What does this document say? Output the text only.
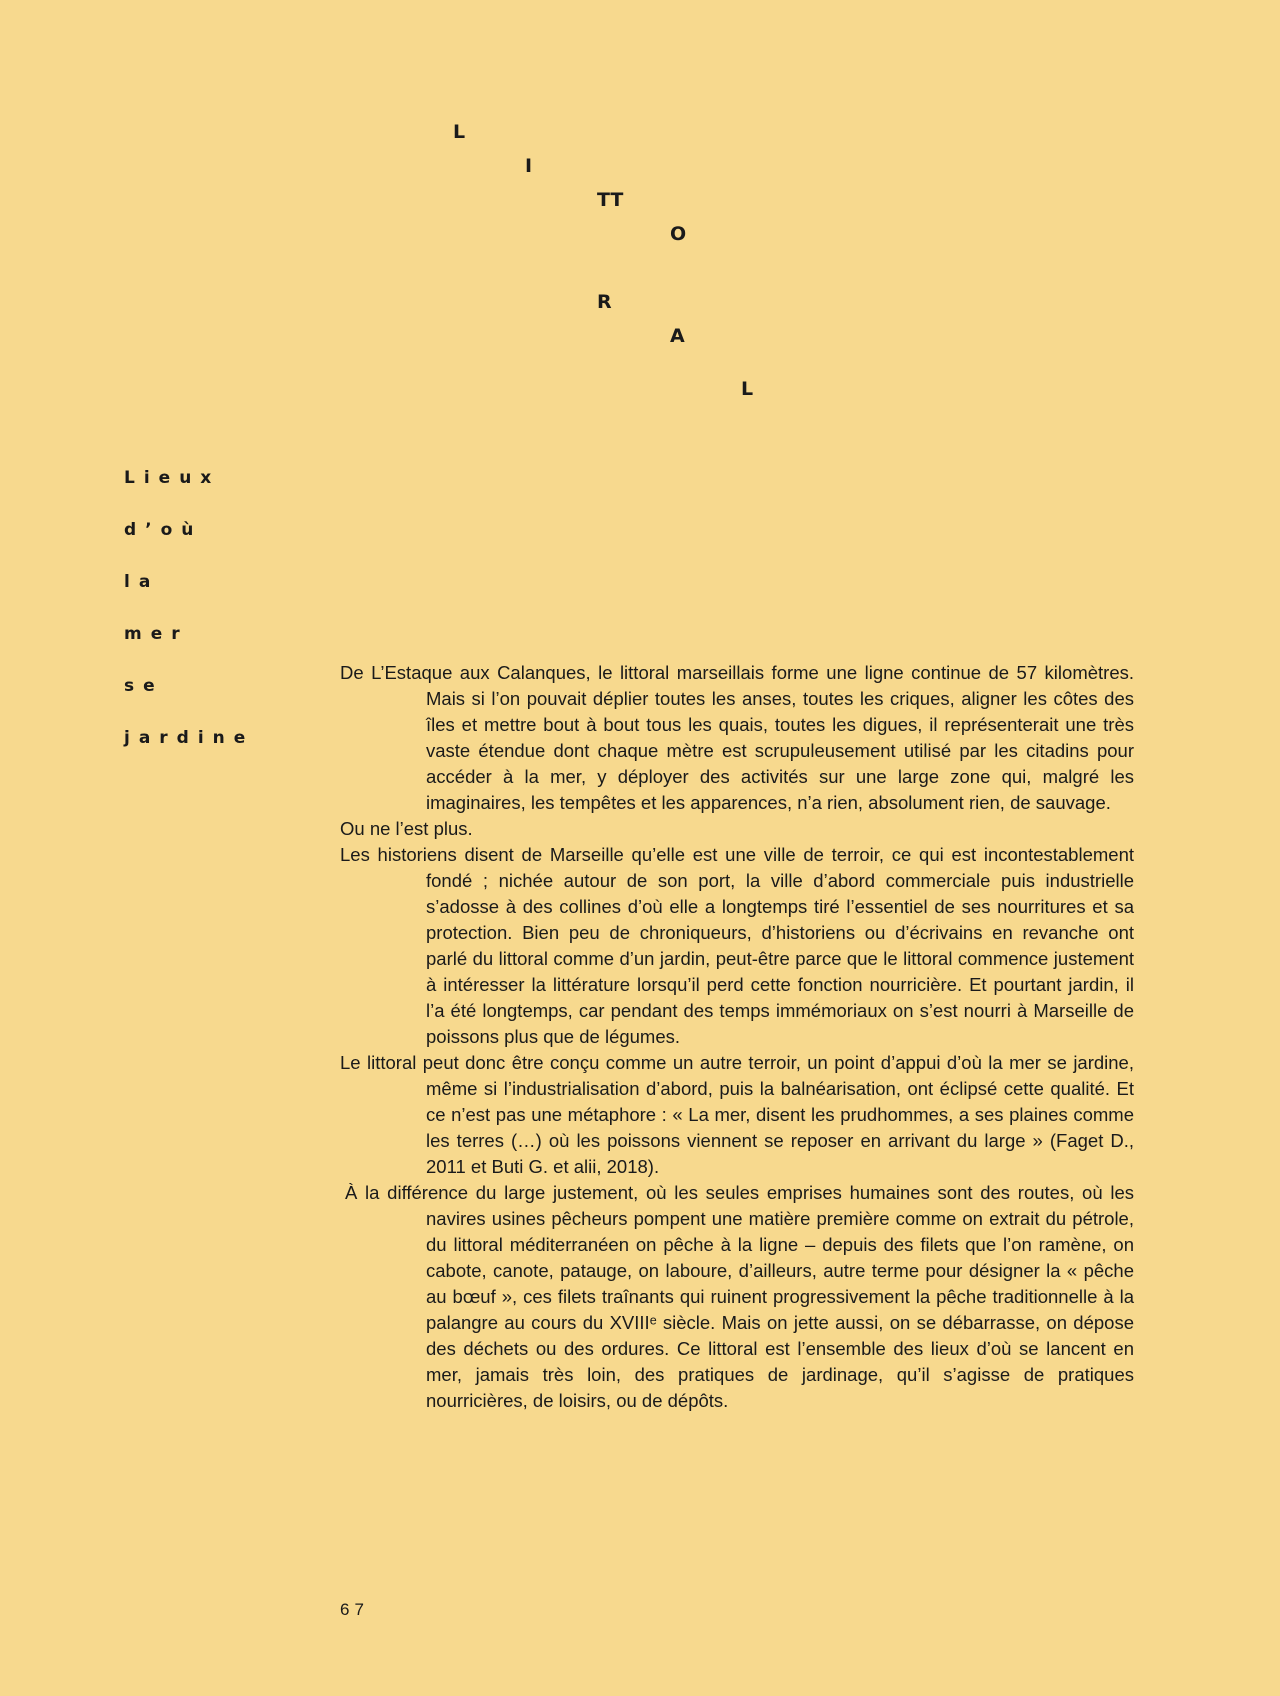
L
I
TT
O
R
A
L
Lieux
d’où
la
mer
se
jardine

De L’Estaque aux Calanques, le littoral marseillais forme une ligne continue de 57 kilomètres. Mais si l’on pouvait déplier toutes les anses, toutes les criques, aligner les côtes des îles et mettre bout à bout tous les quais, toutes les digues, il représenterait une très vaste étendue dont chaque mètre est scrupuleusement utilisé par les citadins pour accéder à la mer, y déployer des activités sur une large zone qui, malgré les imaginaires, les tempêtes et les apparences, n’a rien, absolument rien, de sauvage.

Ou ne l’est plus.

Les historiens disent de Marseille qu’elle est une ville de terroir, ce qui est incontestablement fondé ; nichée autour de son port, la ville d’abord commerciale puis industrielle s’adosse à des collines d’où elle a longtemps tiré l’essentiel de ses nourritures et sa protection. Bien peu de chroniqueurs, d’historiens ou d’écrivains en revanche ont parlé du littoral comme d’un jardin, peut-être parce que le littoral commence justement à intéresser la littérature lorsqu’il perd cette fonction nourricière. Et pourtant jardin, il l’a été longtemps, car pendant des temps immémoriaux on s’est nourri à Marseille de poissons plus que de légumes.

Le littoral peut donc être conçu comme un autre terroir, un point d’appui d’où la mer se jardine, même si l’industrialisation d’abord, puis la balnéarisation, ont éclipsé cette qualité. Et ce n’est pas une métaphore : « La mer, disent les prudhommes, a ses plaines comme les terres (…) où les poissons viennent se reposer en arrivant du large » (Faget D., 2011 et Buti G. et alii, 2018).

À la différence du large justement, où les seules emprises humaines sont des routes, où les navires usines pêcheurs pompent une matière première comme on extrait du pétrole, du littoral méditerranéen on pêche à la ligne – depuis des filets que l’on ramène, on cabote, canote, pataugе, on laboure, d’ailleurs, autre terme pour désigner la « pêche au bœuf », ces filets traînants qui ruinent progressivement la pêche traditionnelle à la palangre au cours du XVIIIᵉ siècle. Mais on jette aussi, on se débarrasse, on dépose des déchets ou des ordures. Ce littoral est l’ensemble des lieux d’où se lancent en mer, jamais très loin, des pratiques de jardinage, qu’il s’agisse de pratiques nourricières, de loisirs, ou de dépôts.

67
